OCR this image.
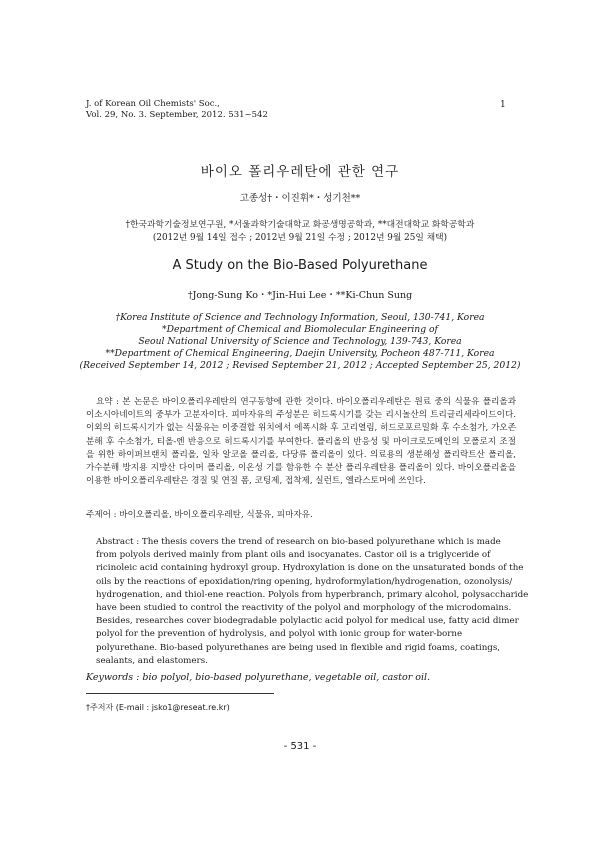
J. of Korean Oil Chemists' Soc.,
Vol. 29, No. 3. September, 2012. 531~542
1
바이오 폴리우레탄에 관한 연구
고종성†・이진휘*・성기천**
†한국과학기술정보연구원, *서울과학기술대학교 화공생명공학과, **대전대학교 화학공학과
(2012년 9월 14일 접수 ; 2012년 9월 21일 수정 ; 2012년 9월 25일 채택)
A Study on the Bio-Based Polyurethane
†Jong-Sung Ko・*Jin-Hui Lee・**Ki-Chun Sung
†Korea Institute of Science and Technology Information, Seoul, 130-741, Korea
*Department of Chemical and Biomolecular Engineering of
Seoul National University of Science and Technology, 139-743, Korea
**Department of Chemical Engineering, Daejin University, Pocheon 487-711, Korea
(Received September 14, 2012 ; Revised September 21, 2012 ; Accepted September 25, 2012)
요약 : 본 논문은 바이오폴리우레탄의 연구동향에 관한 것이다. 바이오폴리우레탄은 원료 중의 식물유 폴리올과 이소시아네이트의 중부가 고분자이다. 피마자유의 주성분은 히드록시기를 갖는 리시놀산의 트리글리세라이드이다. 이외의 히드록시기가 없는 식물유는 이중결합 위치에서 에폭시화 후 고리열림, 히드로포르밀화 후 수소첨가, 가오존분해 후 수소첨가, 티올-엔 반응으로 히드록시기를 부여한다. 폴리올의 반응성 및 마이크로도메인의 모폴로지 조절을 위한 하이퍼브랜치 폴리올, 일차 알코올 폴리올, 다당류 폴리올이 있다. 의료용의 생분해성 폴리락트산 폴리올, 가수분해 방지용 지방산 다이머 폴리올, 이온성 기를 함유한 수 분산 폴리우레탄용 폴리올이 있다. 바이오폴리올을 이용한 바이오폴리우레탄은 경질 및 연질 폼, 코팅제, 접착제, 실런트, 엘라스토머에 쓰인다.
주제어 : 바이오폴리올, 바이오폴리우레탄, 식물유, 피마자유.
Abstract : The thesis covers the trend of research on bio-based polyurethane which is made
from polyols derived mainly from plant oils and isocyanates. Castor oil is a triglyceride of
ricinoleic acid containing hydroxyl group. Hydroxylation is done on the unsaturated bonds of the
oils by the reactions of epoxidation/ring opening, hydroformylation/hydrogenation, ozonolysis/
hydrogenation, and thiol-ene reaction. Polyols from hyperbranch, primary alcohol, polysaccharide
have been studied to control the reactivity of the polyol and morphology of the microdomains.
Besides, researches cover biodegradable polylactic acid polyol for medical use, fatty acid dimer
polyol for the prevention of hydrolysis, and polyol with ionic group for water-borne
polyurethane. Bio-based polyurethanes are being used in flexible and rigid foams, coatings,
sealants, and elastomers.
Keywords : bio polyol, bio-based polyurethane, vegetable oil, castor oil.
†주저자 (E-mail : jsko1@reseat.re.kr)
- 531 -
